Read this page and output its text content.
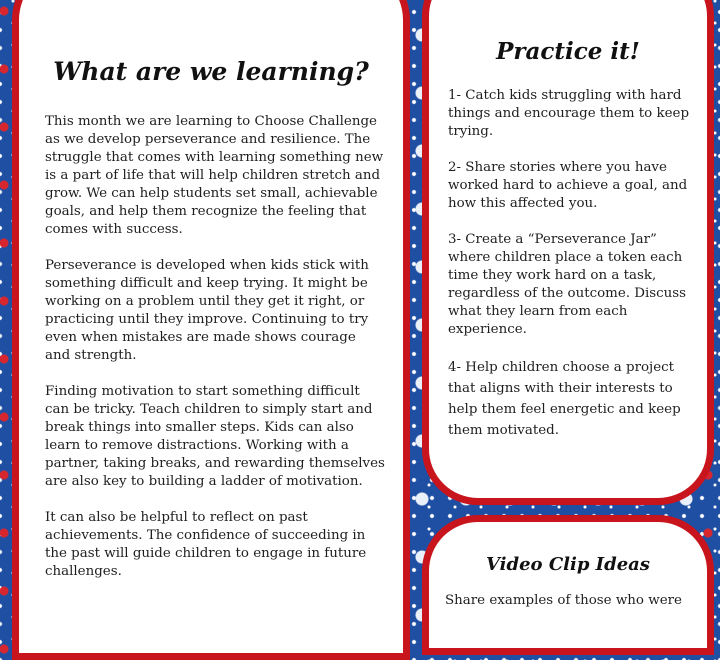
What are we learning?

This month we are learning to Choose Challenge as we develop perseverance and resilience. The struggle that comes with learning something new is a part of life that will help children stretch and grow. We can help students set small, achievable goals, and help them recognize the feeling that comes with success.

Perseverance is developed when kids stick with something difficult and keep trying. It might be working on a problem until they get it right, or practicing until they improve. Continuing to try even when mistakes are made shows courage and strength.

Finding motivation to start something difficult can be tricky. Teach children to simply start and break things into smaller steps. Kids can also learn to remove distractions. Working with a partner, taking breaks, and rewarding themselves are also key to building a ladder of motivation.

It can also be helpful to reflect on past achievements. The confidence of succeeding in the past will guide children to engage in future challenges.

Practice it!

1- Catch kids struggling with hard things and encourage them to keep trying.

2- Share stories where you have worked hard to achieve a goal, and how this affected you.

3- Create a “Perseverance Jar” where children place a token each time they work hard on a task, regardless of the outcome. Discuss what they learn from each experience.

4- Help children choose a project that aligns with their interests to help them feel energetic and keep them motivated.

Video Clip Ideas

Share examples of those who were
